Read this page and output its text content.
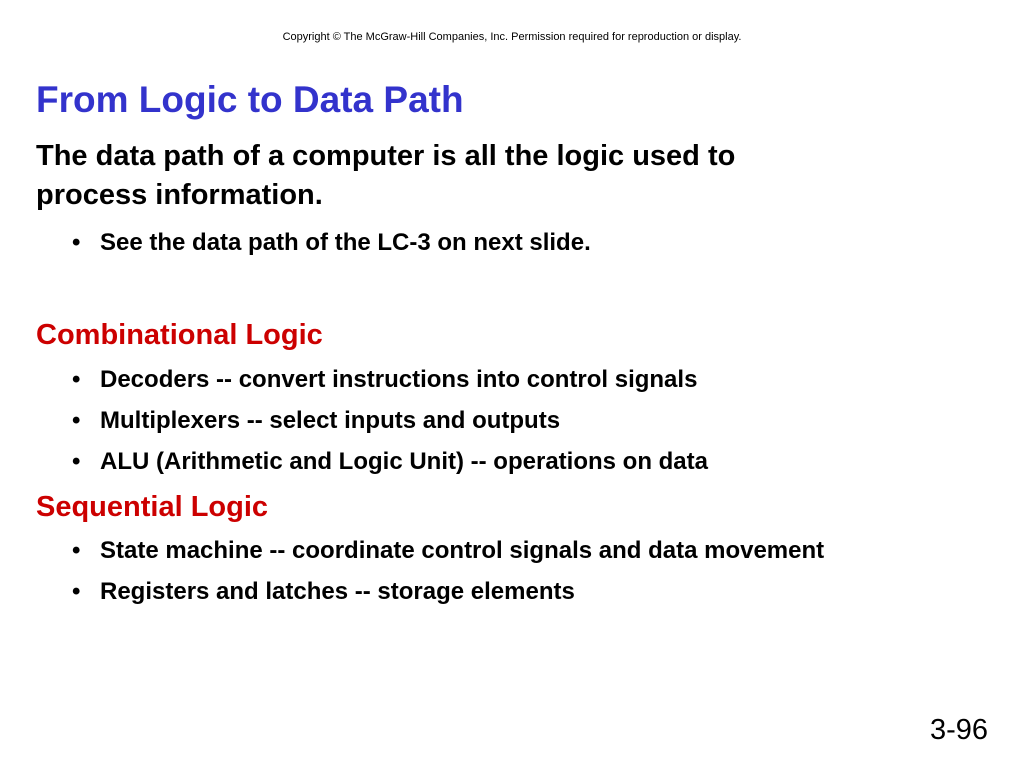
Copyright © The McGraw-Hill Companies, Inc. Permission required for reproduction or display.
From Logic to Data Path
The data path of a computer is all the logic used to
process information.
• See the data path of the LC-3 on next slide.
Combinational Logic
• Decoders -- convert instructions into control signals
• Multiplexers -- select inputs and outputs
• ALU (Arithmetic and Logic Unit) -- operations on data
Sequential Logic
• State machine -- coordinate control signals and data movement
• Registers and latches -- storage elements
3-96
